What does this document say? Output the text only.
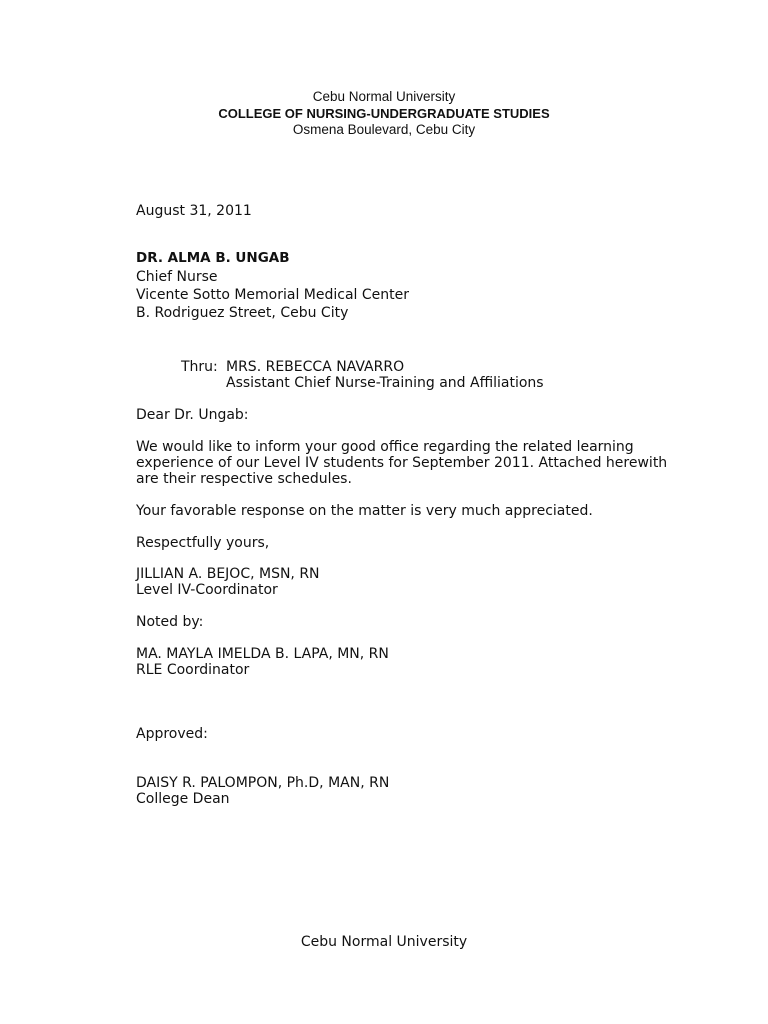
Cebu Normal University
COLLEGE OF NURSING-UNDERGRADUATE STUDIES
Osmena Boulevard, Cebu City
August 31, 2011
DR. ALMA B. UNGAB
Chief Nurse
Vicente Sotto Memorial Medical Center
B. Rodriguez Street, Cebu City
Thru: MRS. REBECCA NAVARRO
Assistant Chief Nurse-Training and Affiliations
Dear Dr. Ungab:
We would like to inform your good office regarding the related learning
experience of our Level IV students for September 2011. Attached herewith
are their respective schedules.
Your favorable response on the matter is very much appreciated.
Respectfully yours,
JILLIAN A. BEJOC, MSN, RN
Level IV-Coordinator
Noted by:
MA. MAYLA IMELDA B. LAPA, MN, RN
RLE Coordinator
Approved:
DAISY R. PALOMPON, Ph.D, MAN, RN
College Dean
Cebu Normal University
